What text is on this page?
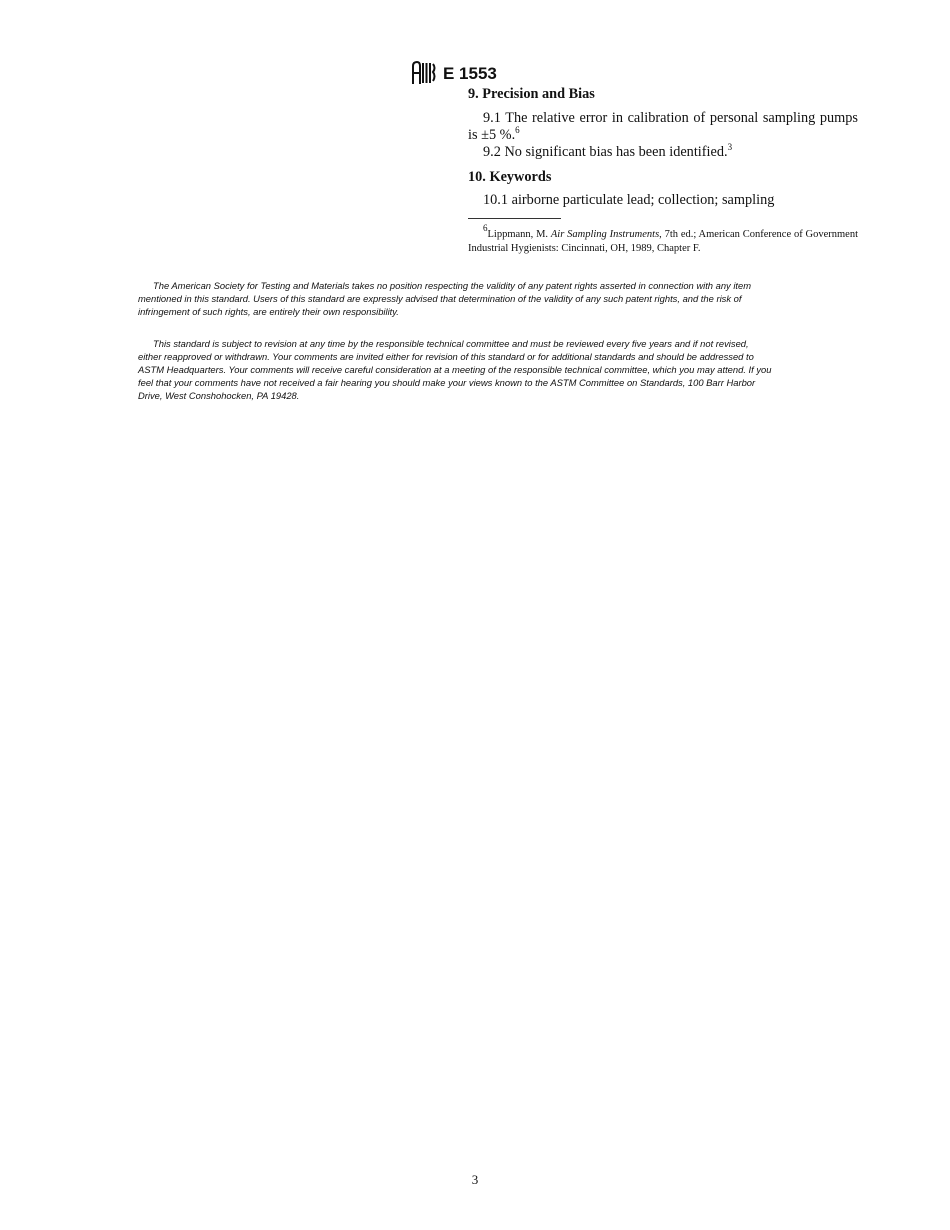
E 1553

9. Precision and Bias

9.1 The relative error in calibration of personal sampling pumps is ±5 %.$^6$

9.2 No significant bias has been identified.$^3$

10. Keywords

10.1 airborne particulate lead; collection; sampling

$^6$Lippmann, M. Air Sampling Instruments, 7th ed.; American Conference of Government Industrial Hygienists: Cincinnati, OH, 1989, Chapter F.

The American Society for Testing and Materials takes no position respecting the validity of any patent rights asserted in connection with any item mentioned in this standard. Users of this standard are expressly advised that determination of the validity of any such patent rights, and the risk of infringement of such rights, are entirely their own responsibility.

This standard is subject to revision at any time by the responsible technical committee and must be reviewed every five years and if not revised, either reapproved or withdrawn. Your comments are invited either for revision of this standard or for additional standards and should be addressed to ASTM Headquarters. Your comments will receive careful consideration at a meeting of the responsible technical committee, which you may attend. If you feel that your comments have not received a fair hearing you should make your views known to the ASTM Committee on Standards, 100 Barr Harbor Drive, West Conshohocken, PA 19428.

3
